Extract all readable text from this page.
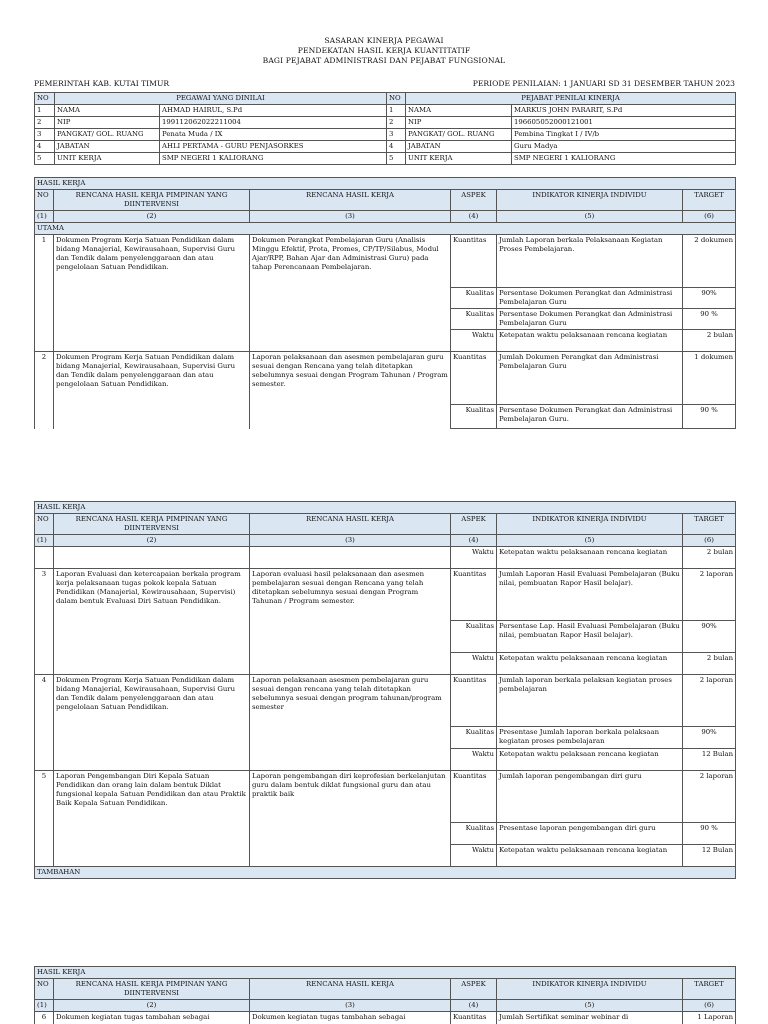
SASARAN KINERJA PEGAWAI
PENDEKATAN HASIL KERJA KUANTITATIF
BAGI PEJABAT ADMINISTRASI DAN PEJABAT FUNGSIONAL
PEMERINTAH KAB. KUTAI TIMUR	PERIODE PENILAIAN: 1 JANUARI SD 31 DESEMBER TAHUN 2023
NO	PEGAWAI YANG DINILAI		NO	PEJABAT PENILAI KINERJA	
1	NAMA	AHMAD HAIRUL, S.Pd	1	NAMA	MARKUS JOHN PARARIT, S.Pd
2	NIP	199112062022211004	2	NIP	196605052000121001
3	PANGKAT/ GOL. RUANG	Penata Muda / IX	3	PANGKAT/ GOL. RUANG	Pembina Tingkat I / IV/b
4	JABATAN	AHLI PERTAMA - GURU PENJASORKES	4	JABATAN	Guru Madya
5	UNIT KERJA	SMP NEGERI 1 KALIORANG	5	UNIT KERJA	SMP NEGERI 1 KALIORANG
HASIL KERJA					
NO	RENCANA HASIL KERJA PIMPINAN YANG DIINTERVENSI	RENCANA HASIL KERJA	ASPEK	INDIKATOR KINERJA INDIVIDU	TARGET
(1)	(2)	(3)	(4)	(5)	(6)
UTAMA					
1	Dokumen Program Kerja Satuan Pendidikan dalam bidang Manajerial, Kewirausahaan, Supervisi Guru dan Tendik dalam penyelenggaraan dan atau pengelolaan Satuan Pendidikan.	Dokumen Perangkat Pembelajaran Guru (Analisis Minggu Efektif, Prota, Promes, CP/TP/Silabus, Modul Ajar/RPP, Bahan Ajar dan Administrasi Guru) pada tahap Perencanaan Pembelajaran.	Kuantitas	Jumlah Laporan berkala Pelaksanaan Kegiatan Proses Pembelajaran.	2 dokumen
			Kualitas	Persentase Dokumen Perangkat dan Administrasi Pembelajaran Guru	90%
			Kualitas	Persentase Dokumen Perangkat dan Administrasi Pembelajaran Guru	90 %
			Waktu	Ketepatan waktu pelaksanaan rencana kegiatan	2 bulan
2	Dokumen Program Kerja Satuan Pendidikan dalam bidang Manajerial, Kewirausahaan, Supervisi Guru dan Tendik dalam penyelenggaraan dan atau pengelolaan Satuan Pendidikan.	Laporan pelaksanaan dan asesmen pembelajaran guru sesuai dengan Rencana yang telah ditetapkan sebelumnya sesuai dengan Program Tahunan / Program semester.	Kuantitas	Jumlah Dokumen Perangkat dan Administrasi Pembelajaran Guru	1 dokumen
			Kualitas	Persentase Dokumen Perangkat dan Administrasi Pembelajaran Guru.	90 %
HASIL KERJA					
NO	RENCANA HASIL KERJA PIMPINAN YANG DIINTERVENSI	RENCANA HASIL KERJA	ASPEK	INDIKATOR KINERJA INDIVIDU	TARGET
(1)	(2)	(3)	(4)	(5)	(6)
			Waktu	Ketepatan waktu pelaksanaan rencana kegiatan	2 bulan
3	Laporan Evaluasi dan ketercapaian berkala program kerja pelaksanaan tugas pokok kepala Satuan Pendidikan (Manajerial, Kewirausahaan, Supervisi) dalam bentuk Evaluasi Diri Satuan Pendidikan.	Laporan evaluasi hasil pelaksanaan dan asesmen pembelajaran sesuai dengan Rencana yang telah ditetapkan sebelumnya sesuai dengan Program Tahunan / Program semester.	Kuantitas	Jumlah Laporan Hasil Evaluasi Pembelajaran (Buku nilai, pembuatan Rapor Hasil belajar).	2 laporan
			Kualitas	Persentase Lap. Hasil Evaluasi Pembelajaran (Buku nilai, pembuatan Rapor Hasil belajar).	90%
			Waktu	Ketepatan waktu pelaksanaan rencana kegiatan	2 bulan
4	Dokumen Program Kerja Satuan Pendidikan dalam bidang Manajerial, Kewirausahaan, Supervisi Guru dan Tendik dalam penyelenggaraan dan atau pengelolaan Satuan Pendidikan.	Laporan pelaksanaan asesmen pembelajaran guru sesuai dengan rencana yang telah ditetapkan sebelumnya sesuai dengan program tahunan/program semester	Kuantitas	Jumlah laporan berkala pelaksan kegiatan proses pembelajaran	2 laporan
			Kualitas	Presentase Jumlah laporan berkala pelaksaan kegiatan proses pembelajaran	90%
			Waktu	Ketepatan waktu pelaksaan rencana kegiatan	12 Bulan
5	Laporan Pengembangan Diri Kepala Satuan Pendidikan dan orang lain dalam bentuk Diklat fungsional kepala Satuan Pendidikan dan atau Praktik Baik Kepala Satuan Pendidikan.	Laporan pengembangan diri keprofesian berkelanjutan guru dalam bentuk diklat fungsional guru dan atau praktik baik	Kuantitas	Jumlah laporan pengembangan diri guru	2 laporan
			Kualitas	Presentase laporan pengembangan diri guru	90 %
			Waktu	Ketepatan waktu pelaksanaan rencana kegiatan	12 Bulan
TAMBAHAN					
HASIL KERJA					
NO	RENCANA HASIL KERJA PIMPINAN YANG DIINTERVENSI	RENCANA HASIL KERJA	ASPEK	INDIKATOR KINERJA INDIVIDU	TARGET
(1)	(2)	(3)	(4)	(5)	(6)
6	Dokumen kegiatan tugas tambahan sebagai	Dokumen kegiatan tugas tambahan sebagai	Kuantitas	Jumlah Sertifikat seminar webinar di	1 Laporan
